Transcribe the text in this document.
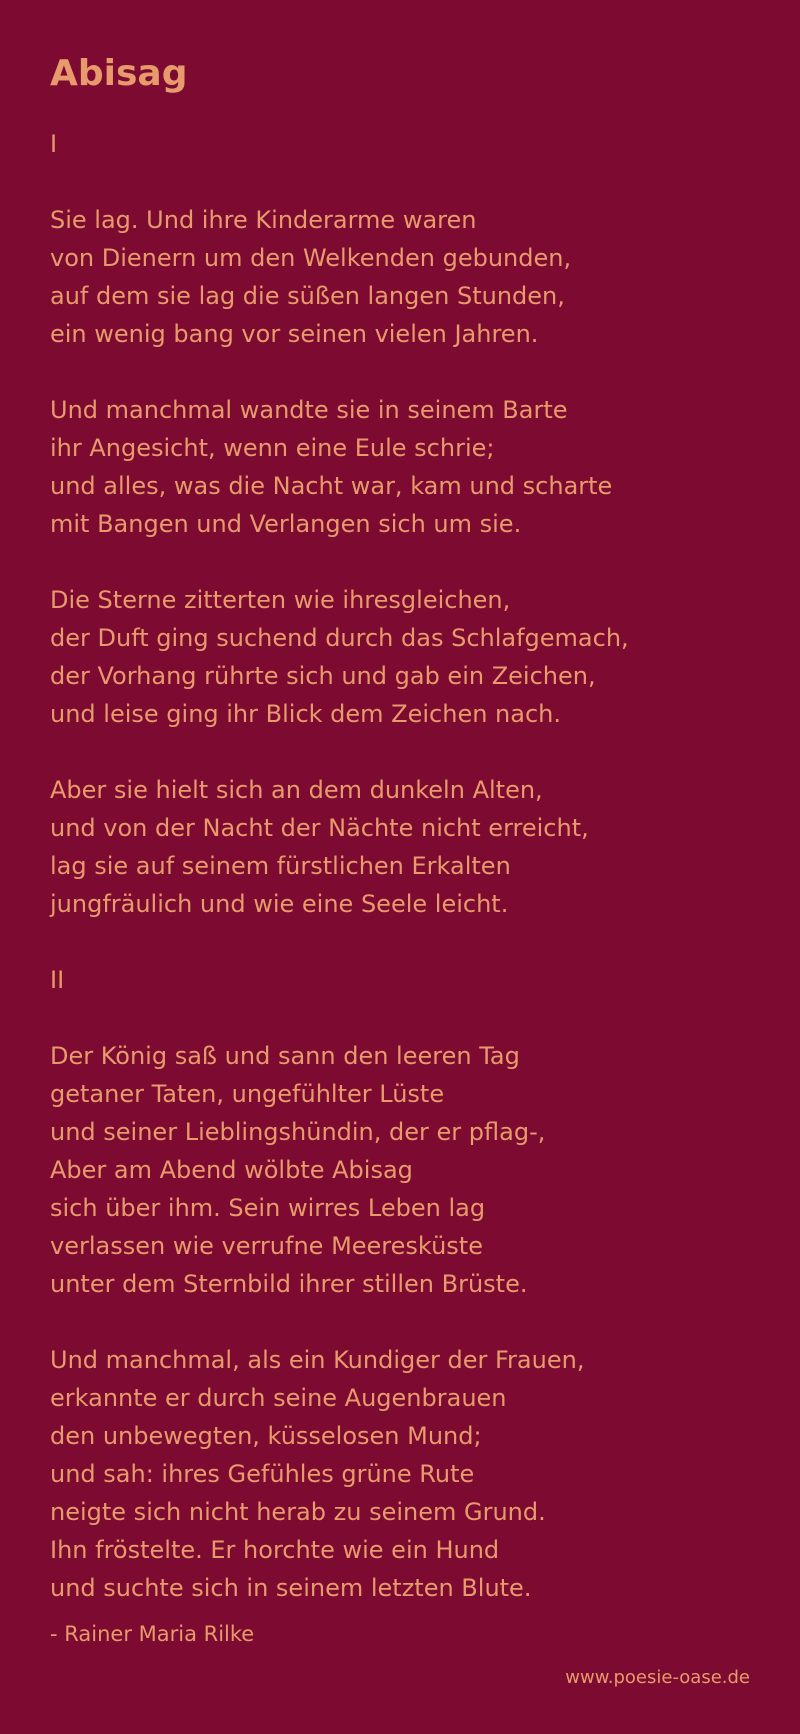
Abisag
I
Sie lag. Und ihre Kinderarme waren
von Dienern um den Welkenden gebunden,
auf dem sie lag die süßen langen Stunden,
ein wenig bang vor seinen vielen Jahren.
Und manchmal wandte sie in seinem Barte
ihr Angesicht, wenn eine Eule schrie;
und alles, was die Nacht war, kam und scharte
mit Bangen und Verlangen sich um sie.
Die Sterne zitterten wie ihresgleichen,
der Duft ging suchend durch das Schlafgemach,
der Vorhang rührte sich und gab ein Zeichen,
und leise ging ihr Blick dem Zeichen nach.
Aber sie hielt sich an dem dunkeln Alten,
und von der Nacht der Nächte nicht erreicht,
lag sie auf seinem fürstlichen Erkalten
jungfräulich und wie eine Seele leicht.
II
Der König saß und sann den leeren Tag
getaner Taten, ungefühlter Lüste
und seiner Lieblingshündin, der er pflag-,
Aber am Abend wölbte Abisag
sich über ihm. Sein wirres Leben lag
verlassen wie verrufne Meeresküste
unter dem Sternbild ihrer stillen Brüste.
Und manchmal, als ein Kundiger der Frauen,
erkannte er durch seine Augenbrauen
den unbewegten, küsselosen Mund;
und sah: ihres Gefühles grüne Rute
neigte sich nicht herab zu seinem Grund.
Ihn fröstelte. Er horchte wie ein Hund
und suchte sich in seinem letzten Blute.
- Rainer Maria Rilke
www.poesie-oase.de
